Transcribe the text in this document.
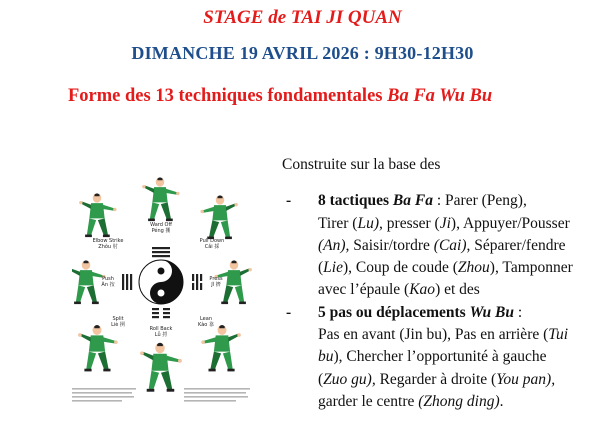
STAGE de TAI JI QUAN
DIMANCHE 19 AVRIL 2026 : 9H30-12H30
Forme des 13 techniques fondamentales Ba Fa Wu Bu
Ward Off
Péng 掤
Elbow Strike
Zhǒu 肘
Pull Down
Cǎi 採
Push
Àn 按
Press
Jǐ 擠
Split
Liè 挒
Lean
Kào 靠
Roll Back
Lǚ 捋

Construite sur la base des

-	8 tactiques Ba Fa : Parer (Peng),

Tirer (Lu), presser (Ji), Appuyer/Pousser

(An), Saisir/tordre (Cai), Séparer/fendre

(Lie), Coup de coude (Zhou), Tamponner

avec l’épaule (Kao) et des

-	5 pas ou déplacements Wu Bu :

Pas en avant (Jin bu), Pas en arrière (Tui

bu), Chercher l’opportunité à gauche

(Zuo gu), Regarder à droite (You pan),

garder le centre (Zhong ding).
